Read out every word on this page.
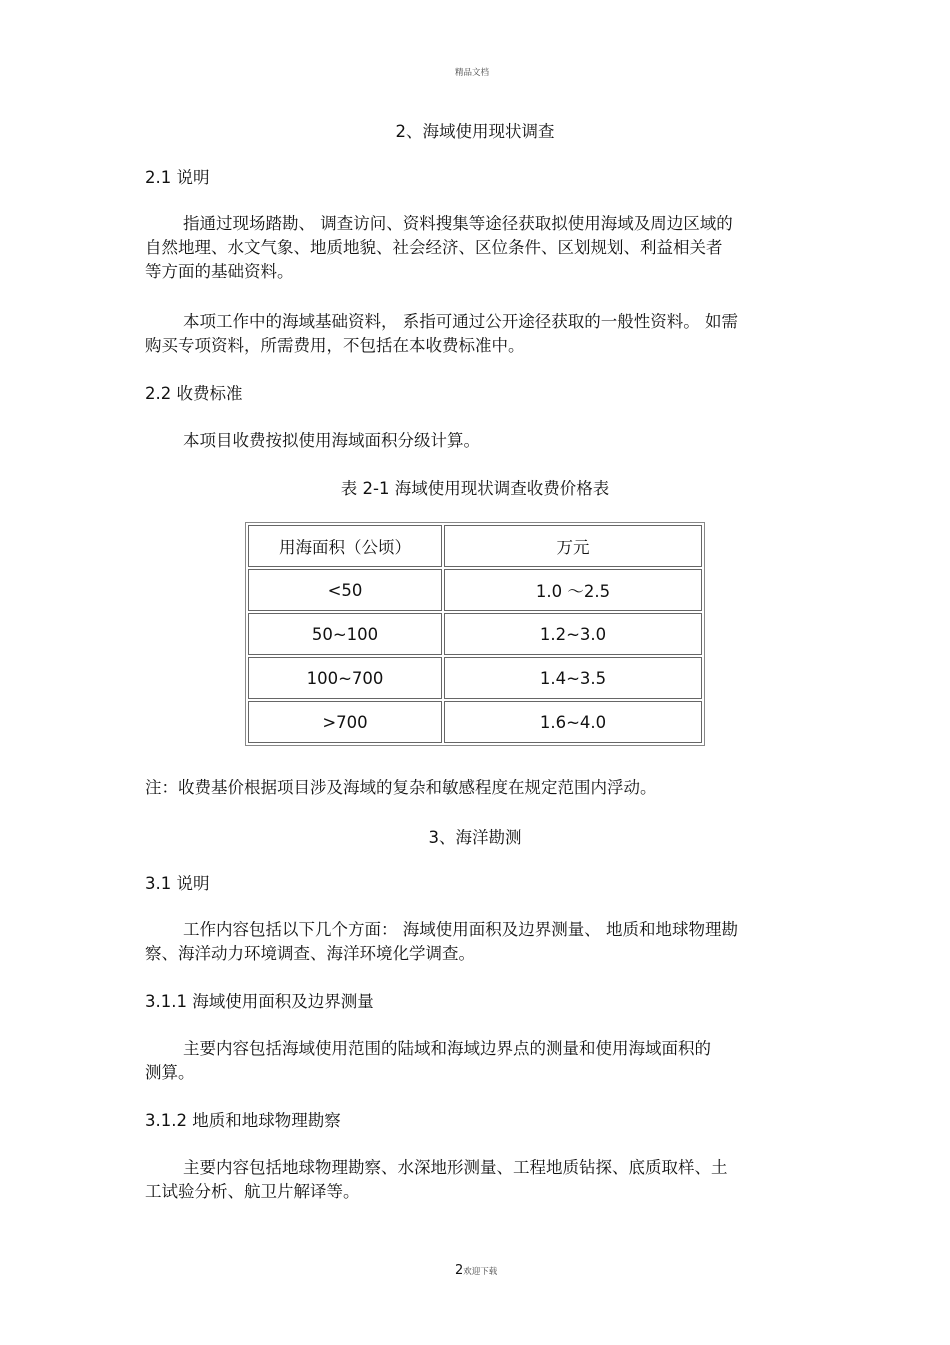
精品文档
2、海域使用现状调查
2.1 说明
指通过现场踏勘、 调查访问、资料搜集等途径获取拟使用海域及周边区域的
自然地理、水文气象、地质地貌、社会经济、区位条件、区划规划、利益相关者
等方面的基础资料。
本项工作中的海域基础资料， 系指可通过公开途径获取的一般性资料。 如需
购买专项资料，所需费用，不包括在本收费标准中。
2.2 收费标准
本项目收费按拟使用海域面积分级计算。
表 2-1 海域使用现状调查收费价格表
用海面积（公顷）	万元
<50	1.0 ～2.5
50~100	1.2~3.0
100~700	1.4~3.5
>700	1.6~4.0
注：收费基价根据项目涉及海域的复杂和敏感程度在规定范围内浮动。
3、海洋勘测
3.1 说明
工作内容包括以下几个方面： 海域使用面积及边界测量、 地质和地球物理勘
察、海洋动力环境调查、海洋环境化学调查。
3.1.1 海域使用面积及边界测量
主要内容包括海域使用范围的陆域和海域边界点的测量和使用海域面积的
测算。
3.1.2 地质和地球物理勘察
主要内容包括地球物理勘察、水深地形测量、工程地质钻探、底质取样、土
工试验分析、航卫片解译等。
2欢迎下载
